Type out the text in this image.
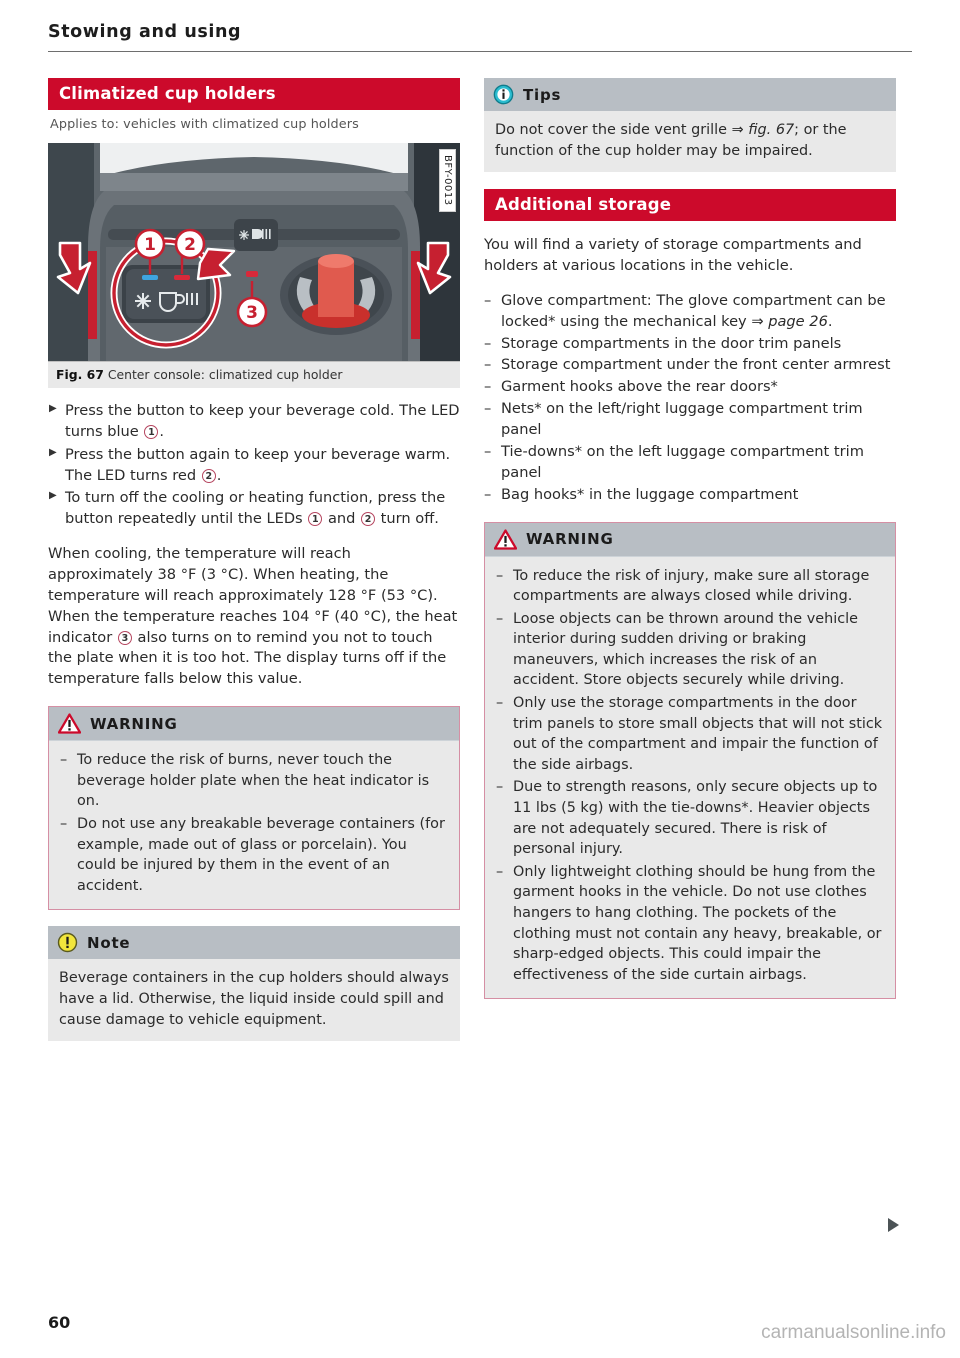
Stowing and using
Climatized cup holders
Applies to: vehicles with climatized cup holders
1 2
3
BFY-0013
Fig. 67 Center console: climatized cup holder
▶ Press the button to keep your beverage cold. The LED turns blue 1 .
▶ Press the button again to keep your beverage warm. The LED turns red 2 .
▶ To turn off the cooling or heating function, press the button repeatedly until the LEDs 1 and 2 turn off.
When cooling, the temperature will reach approximately 38 °F (3 °C). When heating, the temperature will reach approximately 128 °F (53 °C). When the temperature reaches 104 °F (40 °C), the heat indicator 3 also turns on to remind you not to touch the plate when it is too hot. The display turns off if the temperature falls below this value.
WARNING
– To reduce the risk of burns, never touch the beverage holder plate when the heat indicator is on.
– Do not use any breakable beverage containers (for example, made out of glass or porcelain). You could be injured by them in the event of an accident.
Note
Beverage containers in the cup holders should always have a lid. Otherwise, the liquid inside could spill and cause damage to vehicle equipment.
Tips
Do not cover the side vent grille ⇒ fig. 67; or the function of the cup holder may be impaired.
Additional storage
You will find a variety of storage compartments and holders at various locations in the vehicle.
– Glove compartment: The glove compartment can be locked* using the mechanical key ⇒ page 26.
– Storage compartments in the door trim panels
– Storage compartment under the front center armrest
– Garment hooks above the rear doors*
– Nets* on the left/right luggage compartment trim panel
– Tie-downs* on the left luggage compartment trim panel
– Bag hooks* in the luggage compartment
WARNING
– To reduce the risk of injury, make sure all storage compartments are always closed while driving.
– Loose objects can be thrown around the vehicle interior during sudden driving or braking maneuvers, which increases the risk of an accident. Store objects securely while driving.
– Only use the storage compartments in the door trim panels to store small objects that will not stick out of the compartment and impair the function of the side airbags.
– Due to strength reasons, only secure objects up to 11 lbs (5 kg) with the tie-downs*. Heavier objects are not adequately secured. There is risk of personal injury.
– Only lightweight clothing should be hung from the garment hooks in the vehicle. Do not use clothes hangers to hang clothing. The pockets of the clothing must not contain any heavy, breakable, or sharp-edged objects. This could impair the effectiveness of the side curtain airbags.
60	carmanualsonline.info
